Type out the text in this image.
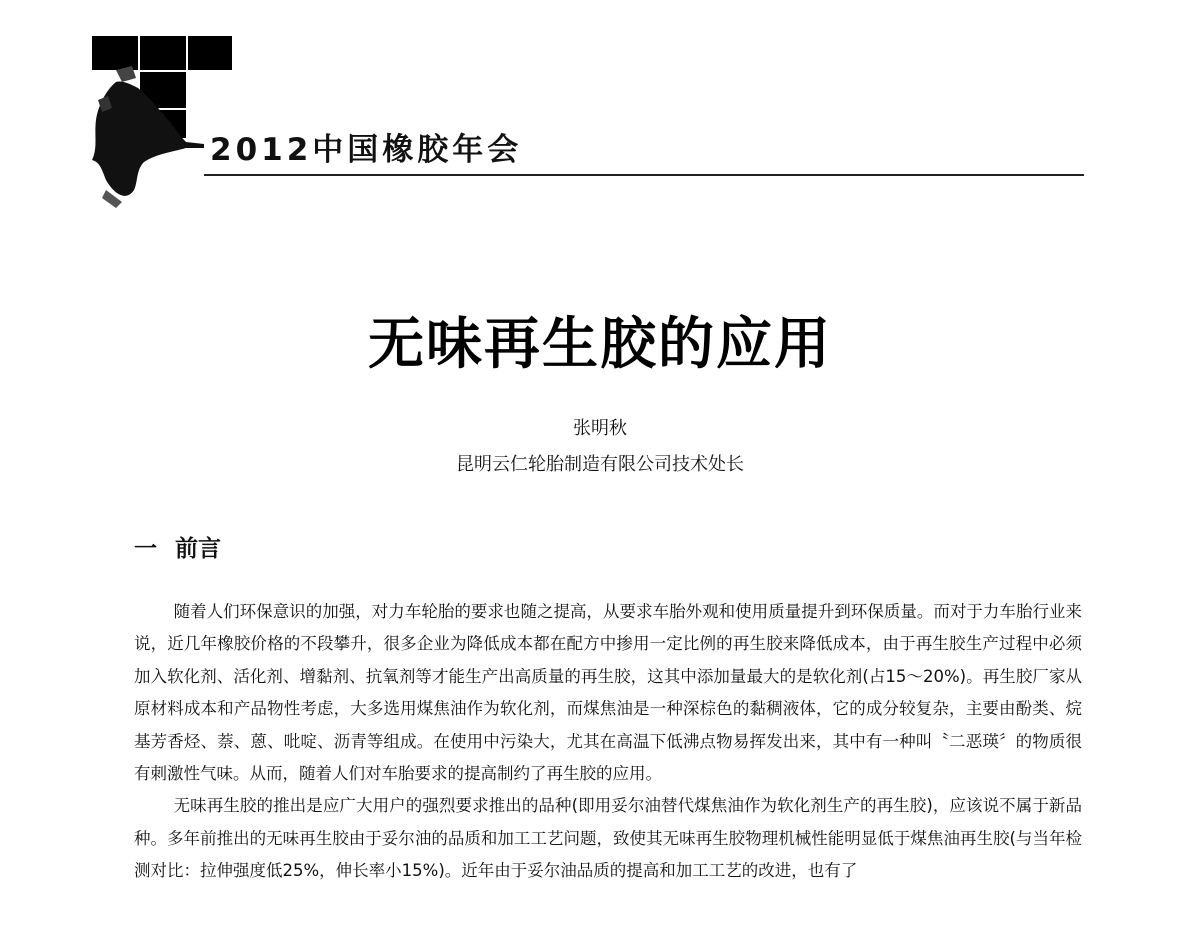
2012中国橡胶年会
无味再生胶的应用
张明秋
昆明云仁轮胎制造有限公司技术处长
一 前言

随着人们环保意识的加强，对力车轮胎的要求也随之提高，从要求车胎外观和使用质量提升到环保质量。而对于力车胎行业来说，近几年橡胶价格的不段攀升，很多企业为降低成本都在配方中掺用一定比例的再生胶来降低成本，由于再生胶生产过程中必须加入软化剂、活化剂、增黏剂、抗氧剂等才能生产出高质量的再生胶，这其中添加量最大的是软化剂(占15～20%)。再生胶厂家从原材料成本和产品物性考虑，大多选用煤焦油作为软化剂，而煤焦油是一种深棕色的黏稠液体，它的成分较复杂，主要由酚类、烷基芳香烃、萘、蒽、吡啶、沥青等组成。在使用中污染大，尤其在高温下低沸点物易挥发出来，其中有一种叫〝二恶瑛〞的物质很有刺激性气味。从而，随着人们对车胎要求的提高制约了再生胶的应用。

无味再生胶的推出是应广大用户的强烈要求推出的品种(即用妥尔油替代煤焦油作为软化剂生产的再生胶)，应该说不属于新品种。多年前推出的无味再生胶由于妥尔油的品质和加工工艺问题，致使其无味再生胶物理机械性能明显低于煤焦油再生胶(与当年检测对比：拉伸强度低25%，伸长率小15%)。近年由于妥尔油品质的提高和加工工艺的改进，也有了
